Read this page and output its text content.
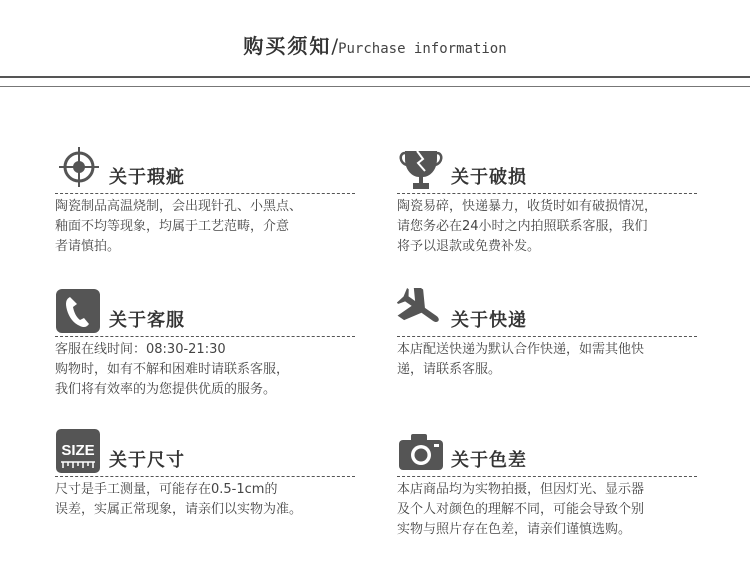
购买须知/Purchase information
关于瑕疵
陶瓷制品高温烧制，会出现针孔、小黑点、
釉面不均等现象，均属于工艺范畴，介意
者请慎拍。
关于破损
陶瓷易碎，快递暴力，收货时如有破损情况，
请您务必在24小时之内拍照联系客服，我们
将予以退款或免费补发。
关于客服
客服在线时间：08:30-21:30
购物时，如有不解和困难时请联系客服，
我们将有效率的为您提供优质的服务。
关于快递
本店配送快递为默认合作快递，如需其他快
递，请联系客服。
SIZE 关于尺寸
尺寸是手工测量，可能存在0.5-1cm的
误差，实属正常现象，请亲们以实物为准。
关于色差
本店商品均为实物拍摄，但因灯光、显示器
及个人对颜色的理解不同，可能会导致个别
实物与照片存在色差，请亲们谨慎选购。
